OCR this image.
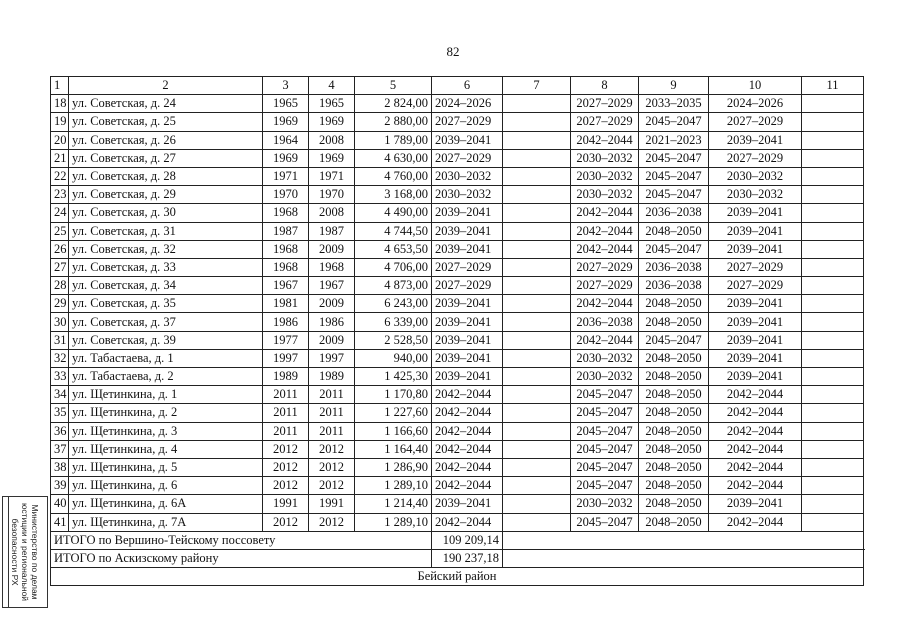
82
1	2	3	4	5	6	7	8	9	10	11
18	ул. Советская, д. 24	1965	1965	2 824,00	2024–2026		2027–2029	2033–2035	2024–2026	
19	ул. Советская, д. 25	1969	1969	2 880,00	2027–2029		2027–2029	2045–2047	2027–2029	
20	ул. Советская, д. 26	1964	2008	1 789,00	2039–2041		2042–2044	2021–2023	2039–2041	
21	ул. Советская, д. 27	1969	1969	4 630,00	2027–2029		2030–2032	2045–2047	2027–2029	
22	ул. Советская, д. 28	1971	1971	4 760,00	2030–2032		2030–2032	2045–2047	2030–2032	
23	ул. Советская, д. 29	1970	1970	3 168,00	2030–2032		2030–2032	2045–2047	2030–2032	
24	ул. Советская, д. 30	1968	2008	4 490,00	2039–2041		2042–2044	2036–2038	2039–2041	
25	ул. Советская, д. 31	1987	1987	4 744,50	2039–2041		2042–2044	2048–2050	2039–2041	
26	ул. Советская, д. 32	1968	2009	4 653,50	2039–2041		2042–2044	2045–2047	2039–2041	
27	ул. Советская, д. 33	1968	1968	4 706,00	2027–2029		2027–2029	2036–2038	2027–2029	
28	ул. Советская, д. 34	1967	1967	4 873,00	2027–2029		2027–2029	2036–2038	2027–2029	
29	ул. Советская, д. 35	1981	2009	6 243,00	2039–2041		2042–2044	2048–2050	2039–2041	
30	ул. Советская, д. 37	1986	1986	6 339,00	2039–2041		2036–2038	2048–2050	2039–2041	
31	ул. Советская, д. 39	1977	2009	2 528,50	2039–2041		2042–2044	2045–2047	2039–2041	
32	ул. Табастаева, д. 1	1997	1997	940,00	2039–2041		2030–2032	2048–2050	2039–2041	
33	ул. Табастаева, д. 2	1989	1989	1 425,30	2039–2041		2030–2032	2048–2050	2039–2041	
34	ул. Щетинкина, д. 1	2011	2011	1 170,80	2042–2044		2045–2047	2048–2050	2042–2044	
35	ул. Щетинкина, д. 2	2011	2011	1 227,60	2042–2044		2045–2047	2048–2050	2042–2044	
36	ул. Щетинкина, д. 3	2011	2011	1 166,60	2042–2044		2045–2047	2048–2050	2042–2044	
37	ул. Щетинкина, д. 4	2012	2012	1 164,40	2042–2044		2045–2047	2048–2050	2042–2044	
38	ул. Щетинкина, д. 5	2012	2012	1 286,90	2042–2044		2045–2047	2048–2050	2042–2044	
39	ул. Щетинкина, д. 6	2012	2012	1 289,10	2042–2044		2045–2047	2048–2050	2042–2044	
40	ул. Щетинкина, д. 6А	1991	1991	1 214,40	2039–2041		2030–2032	2048–2050	2039–2041	
41	ул. Щетинкина, д. 7А	2012	2012	1 289,10	2042–2044		2045–2047	2048–2050	2042–2044	
ИТОГО по Вершино-Тейскому поссовету					109 209,14					
ИТОГО по Аскизскому району					190 237,18					
Бейский район										
Министерство по делам
юстиции и региональной
безопасности РХ
